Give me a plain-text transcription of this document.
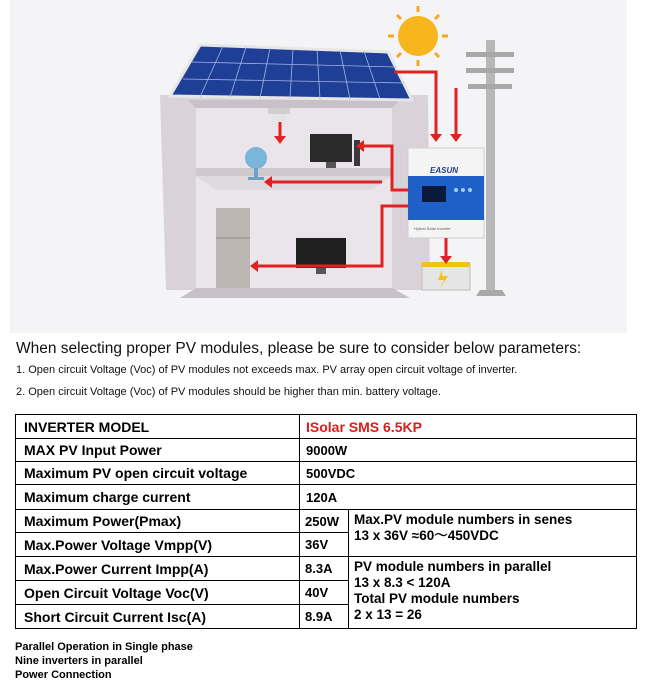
EASUN
Hybrid Solar Inverter
When selecting proper PV modules, please be sure to consider below parameters:
1. Open circuit Voltage (Voc) of PV modules not exceeds max. PV array open circuit voltage of inverter.
2. Open circuit Voltage (Voc) of PV modules should be higher than min. battery voltage.
INVERTER MODEL	ISolar SMS 6.5KP	
MAX PV Input Power	9000W	
Maximum PV open circuit voltage	500VDC	
Maximum charge current	120A	
Maximum Power(Pmax)	250W	Max.PV module numbers in senes
13 x 36V ≈60～450VDC

Max.Power Voltage Vmpp(V)	36V	
Max.Power Current Impp(A)	8.3A	PV module numbers in parallel
13 x 8.3 < 120A
Total PV module numbers
2 x 13 = 26

Open Circuit Voltage Voc(V)	40V	
Short Circuit Current Isc(A)	8.9A	
Parallel Operation in Single phase
Nine inverters in parallel
Power Connection
